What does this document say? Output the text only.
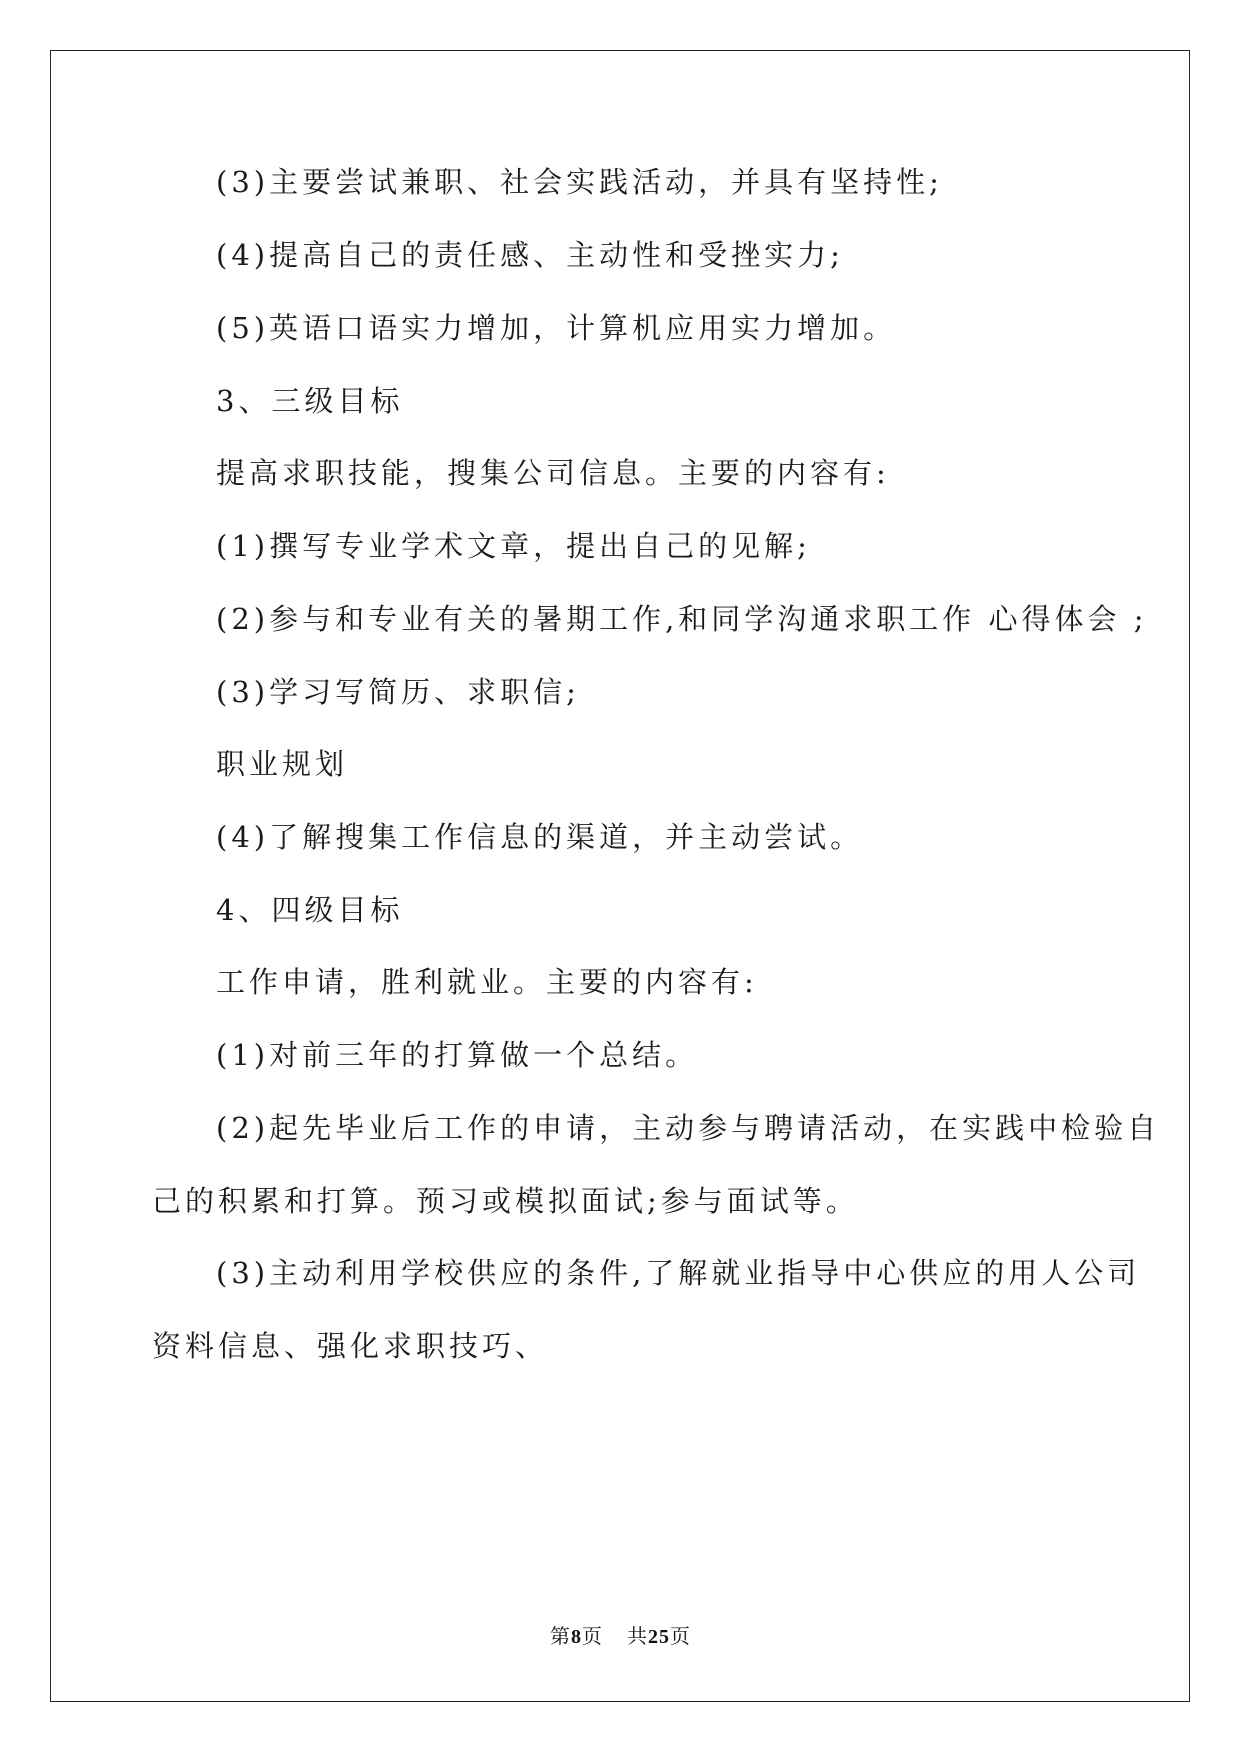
(3)主要尝试兼职、社会实践活动，并具有坚持性;

(4)提高自己的责任感、主动性和受挫实力;

(5)英语口语实力增加，计算机应用实力增加。

3、三级目标

提高求职技能，搜集公司信息。主要的内容有:

(1)撰写专业学术文章，提出自己的见解;

(2)参与和专业有关的暑期工作,和同学沟通求职工作 心得体会 ;

(3)学习写简历、求职信;

职业规划

(4)了解搜集工作信息的渠道，并主动尝试。

4、四级目标

工作申请，胜利就业。主要的内容有:

(1)对前三年的打算做一个总结。

(2)起先毕业后工作的申请，主动参与聘请活动，在实践中检验自

己的积累和打算。预习或模拟面试;参与面试等。

(3)主动利用学校供应的条件,了解就业指导中心供应的用人公司

资料信息、强化求职技巧、

第8页    共25页
